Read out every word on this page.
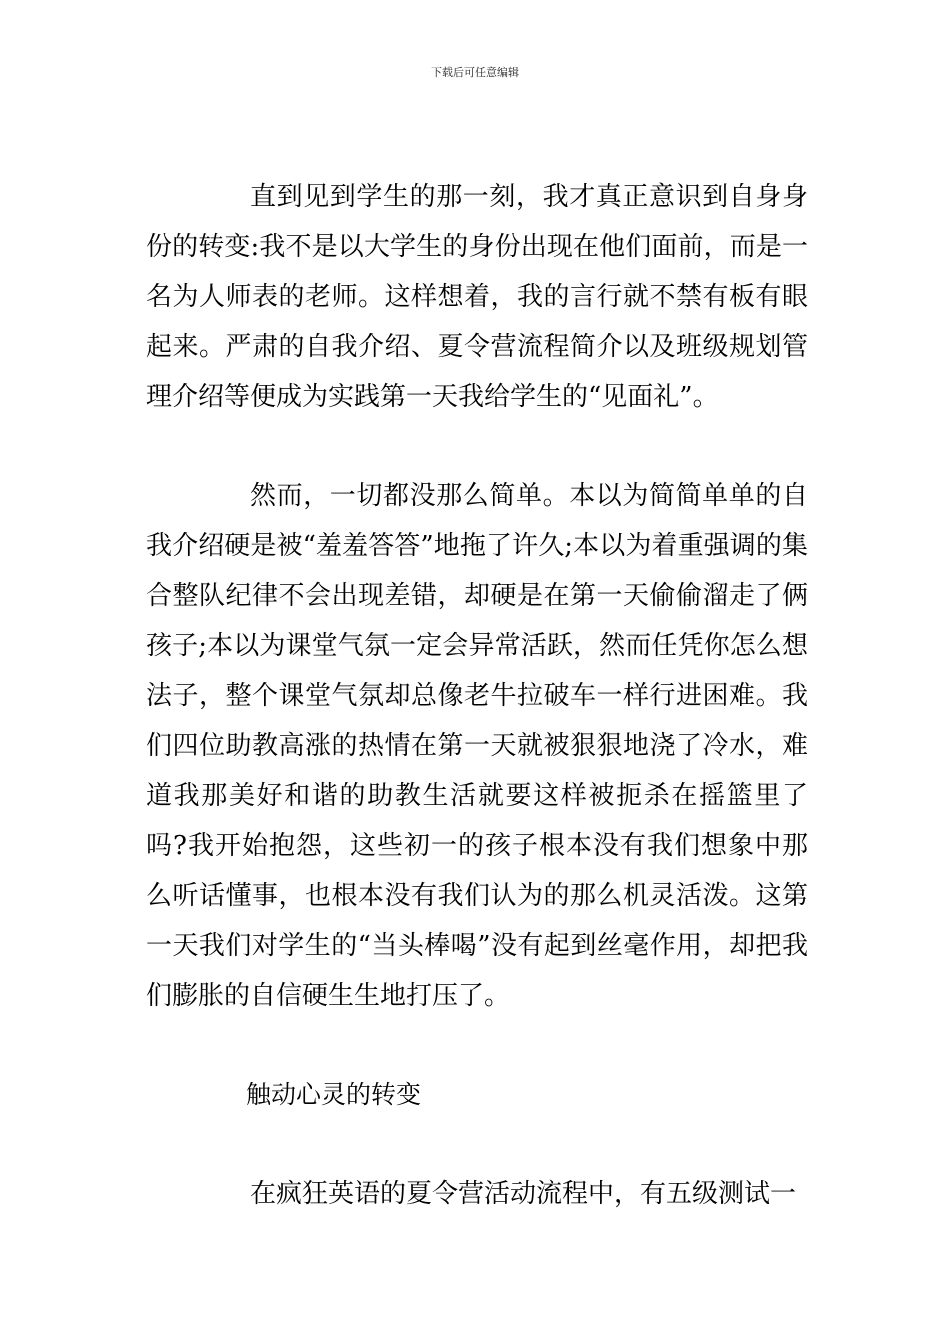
下载后可任意编辑

直到见到学生的那一刻，我才真正意识到自身身份的转变:我不是以大学生的身份出现在他们面前，而是一名为人师表的老师。这样想着，我的言行就不禁有板有眼起来。严肃的自我介绍、夏令营流程简介以及班级规划管理介绍等便成为实践第一天我给学生的“见面礼”。

然而，一切都没那么简单。本以为简简单单的自我介绍硬是被“羞羞答答”地拖了许久;本以为着重强调的集合整队纪律不会出现差错，却硬是在第一天偷偷溜走了俩孩子;本以为课堂气氛一定会异常活跃，然而任凭你怎么想法子，整个课堂气氛却总像老牛拉破车一样行进困难。我们四位助教高涨的热情在第一天就被狠狠地浇了冷水，难道我那美好和谐的助教生活就要这样被扼杀在摇篮里了吗?我开始抱怨，这些初一的孩子根本没有我们想象中那么听话懂事，也根本没有我们认为的那么机灵活泼。这第一天我们对学生的“当头棒喝”没有起到丝毫作用，却把我们膨胀的自信硬生生地打压了。

触动心灵的转变

在疯狂英语的夏令营活动流程中，有五级测试一
